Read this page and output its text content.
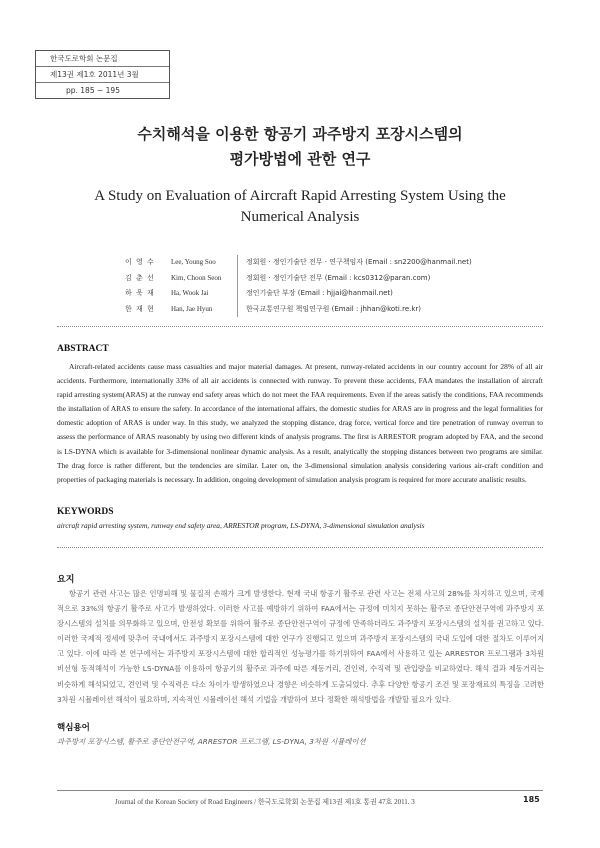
한국도로학회 논문집
제13권 제1호 2011년 3월
pp. 185 ~ 195
수치해석을 이용한 항공기 과주방지 포장시스템의
평가방법에 관한 연구
A Study on Evaluation of Aircraft Rapid Arresting System Using the
Numerical Analysis
이 영 수	Lee, Young Soo	정회원 · 정인기술단 전무 · 연구책임자 (Email : sn2200@hanmail.net)
김 춘 선	Kim, Choon Seon	정회원 · 정인기술단 전무 (Email : kcs0312@paran.com)
하 욱 재	Ha, Wook Jai	정인기술단 부장 (Email : hjjai@hanmail.net)
한 재 현	Han, Jae Hyun	한국교통연구원 책임연구원 (Email : jhhan@koti.re.kr)
ABSTRACT
Aircraft-related accidents cause mass casualties and major material damages. At present, runway-related accidents in our country account for 28% of all air accidents. Furthermore, internationally 33% of all air accidents is connected with runway. To prevent these accidents, FAA mandates the installation of aircraft rapid arresting system(ARAS) at the runway end safety areas which do not meet the FAA requirements. Even if the areas satisfy the conditions, FAA recommends the installation of ARAS to ensure the safety. In accordance of the international affairs, the domestic studies for ARAS are in progress and the legal formalities for domestic adoption of ARAS is under way. In this study, we analyzed the stopping distance, drag force, vertical force and tire penetration of runway overrun to assess the performance of ARAS reasonably by using two different kinds of analysis programs. The first is ARRESTOR program adopted by FAA, and the second is LS-DYNA which is available for 3-dimensional nonlinear dynamic analysis. As a result, analytically the stopping distances between two programs are similar. The drag force is rather different, but the tendencies are similar. Later on, the 3-dimensional simulation analysis considering various air-craft condition and properties of packaging materials is necessary. In addition, ongoing development of simulation analysis program is required for more accurate analistic results.
KEYWORDS
aircraft rapid arresting system, runway end safety area, ARRESTOR program, LS-DYNA, 3-dimensional simulation analysis
요지
항공기 관련 사고는 많은 인명피해 및 물질적 손해가 크게 발생한다. 현재 국내 항공기 활주로 관련 사고는 전체 사고의 28%를 차지하고 있으며, 국제적으로 33%의 항공기 활주로 사고가 발생하였다. 이러한 사고를 예방하기 위하여 FAA에서는 규정에 미치지 못하는 활주로 종단안전구역에 과주방지 포장시스템의 설치를 의무화하고 있으며, 안전성 확보를 위하여 활주로 종단안전구역이 규정에 만족하더라도 과주방지 포장시스템의 설치를 권고하고 있다. 이러한 국제적 정세에 맞추어 국내에서도 과주방지 포장시스템에 대한 연구가 진행되고 있으며 과주방지 포장시스템의 국내 도입에 대한 절차도 이루어지고 있다. 이에 따라 본 연구에서는 과주방지 포장시스템에 대한 합리적인 성능평가를 하기위하여 FAA에서 사용하고 있는 ARRESTOR 프로그램과 3차원 비선형 동적해석이 가능한 LS-DYNA를 이용하여 항공기의 활주로 과주에 따른 제동거리, 견인력, 수직력 및 관입량을 비교하였다. 해석 결과 제동거리는 비슷하게 해석되었고, 견인력 및 수직력은 다소 차이가 발생하였으나 경향은 비슷하게 도출되었다. 추후 다양한 항공기 조건 및 포장재료의 특징을 고려한 3차원 시뮬레이션 해석이 필요하며, 지속적인 시뮬레이션 해석 기법을 개발하여 보다 정확한 해석방법을 개발할 필요가 있다.
핵심용어
과주방지 포장시스템, 활주로 종단안전구역, ARRESTOR 프로그램, LS-DYNA, 3차원 시뮬레이션
Journal of the Korean Society of Road Engineers / 한국도로학회 논문집 제13권 제1호 통권 47호 2011. 3	185
